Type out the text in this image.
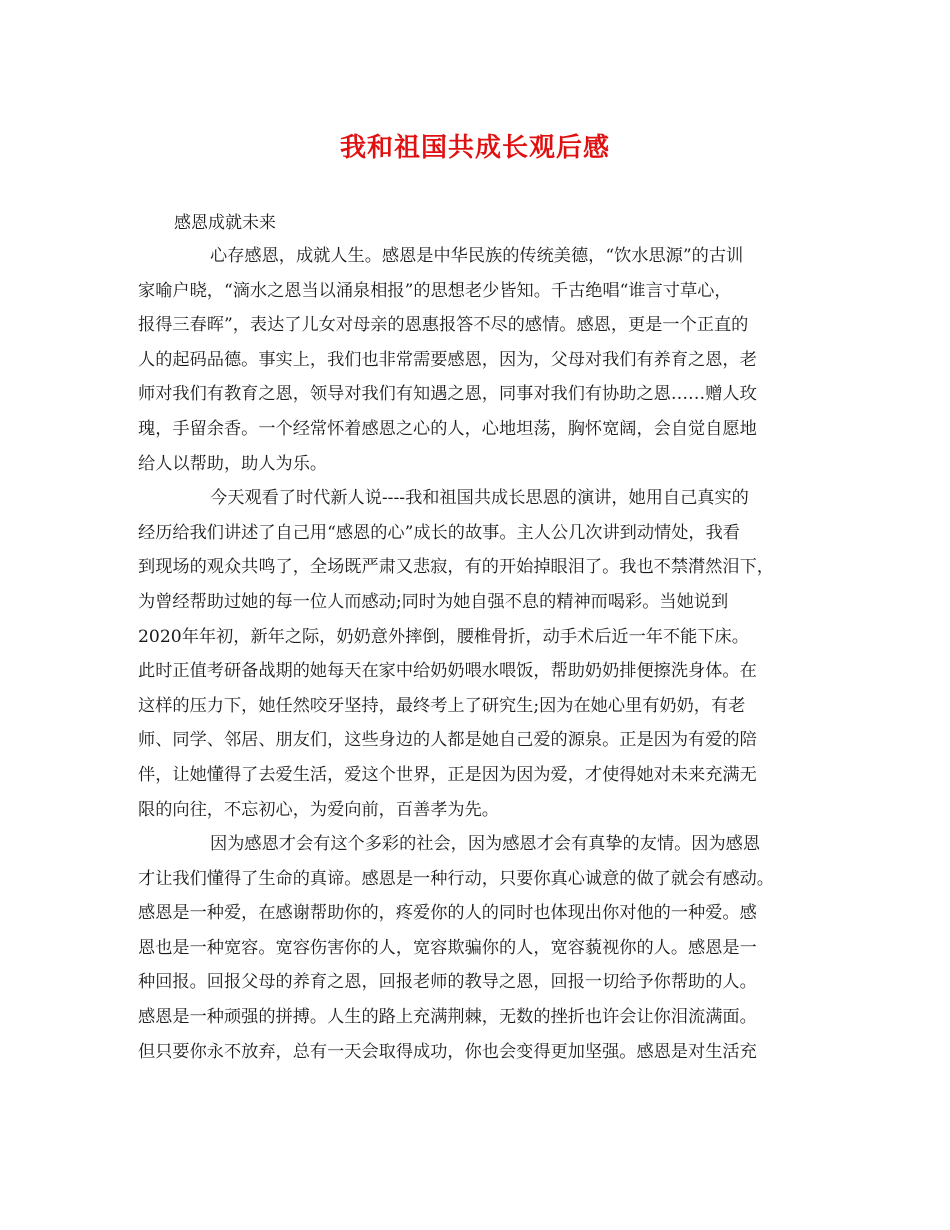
我和祖国共成长观后感
感恩成就未来
心存感恩，成就人生。感恩是中华民族的传统美德，“饮水思源”的古训
家喻户晓，“滴水之恩当以涌泉相报”的思想老少皆知。千古绝唱“谁言寸草心，
报得三春晖”，表达了儿女对母亲的恩惠报答不尽的感情。感恩，更是一个正直的
人的起码品德。事实上，我们也非常需要感恩，因为，父母对我们有养育之恩，老
师对我们有教育之恩，领导对我们有知遇之恩，同事对我们有协助之恩……赠人玫
瑰，手留余香。一个经常怀着感恩之心的人，心地坦荡，胸怀宽阔，会自觉自愿地
给人以帮助，助人为乐。
今天观看了时代新人说----我和祖国共成长思恩的演讲，她用自己真实的
经历给我们讲述了自己用“感恩的心”成长的故事。主人公几次讲到动情处，我看
到现场的观众共鸣了，全场既严肃又悲寂，有的开始掉眼泪了。我也不禁潸然泪下，
为曾经帮助过她的每一位人而感动;同时为她自强不息的精神而喝彩。当她说到
2020年年初，新年之际，奶奶意外摔倒，腰椎骨折，动手术后近一年不能下床。
此时正值考研备战期的她每天在家中给奶奶喂水喂饭，帮助奶奶排便擦洗身体。在
这样的压力下，她任然咬牙坚持，最终考上了研究生;因为在她心里有奶奶，有老
师、同学、邻居、朋友们，这些身边的人都是她自己爱的源泉。正是因为有爱的陪
伴，让她懂得了去爱生活，爱这个世界，正是因为因为爱，才使得她对未来充满无
限的向往，不忘初心，为爱向前，百善孝为先。
因为感恩才会有这个多彩的社会，因为感恩才会有真挚的友情。因为感恩
才让我们懂得了生命的真谛。感恩是一种行动，只要你真心诚意的做了就会有感动。
感恩是一种爱，在感谢帮助你的，疼爱你的人的同时也体现出你对他的一种爱。感
恩也是一种宽容。宽容伤害你的人，宽容欺骗你的人，宽容藐视你的人。感恩是一
种回报。回报父母的养育之恩，回报老师的教导之恩，回报一切给予你帮助的人。
感恩是一种顽强的拼搏。人生的路上充满荆棘，无数的挫折也许会让你泪流满面。
但只要你永不放弃，总有一天会取得成功，你也会变得更加坚强。感恩是对生活充
